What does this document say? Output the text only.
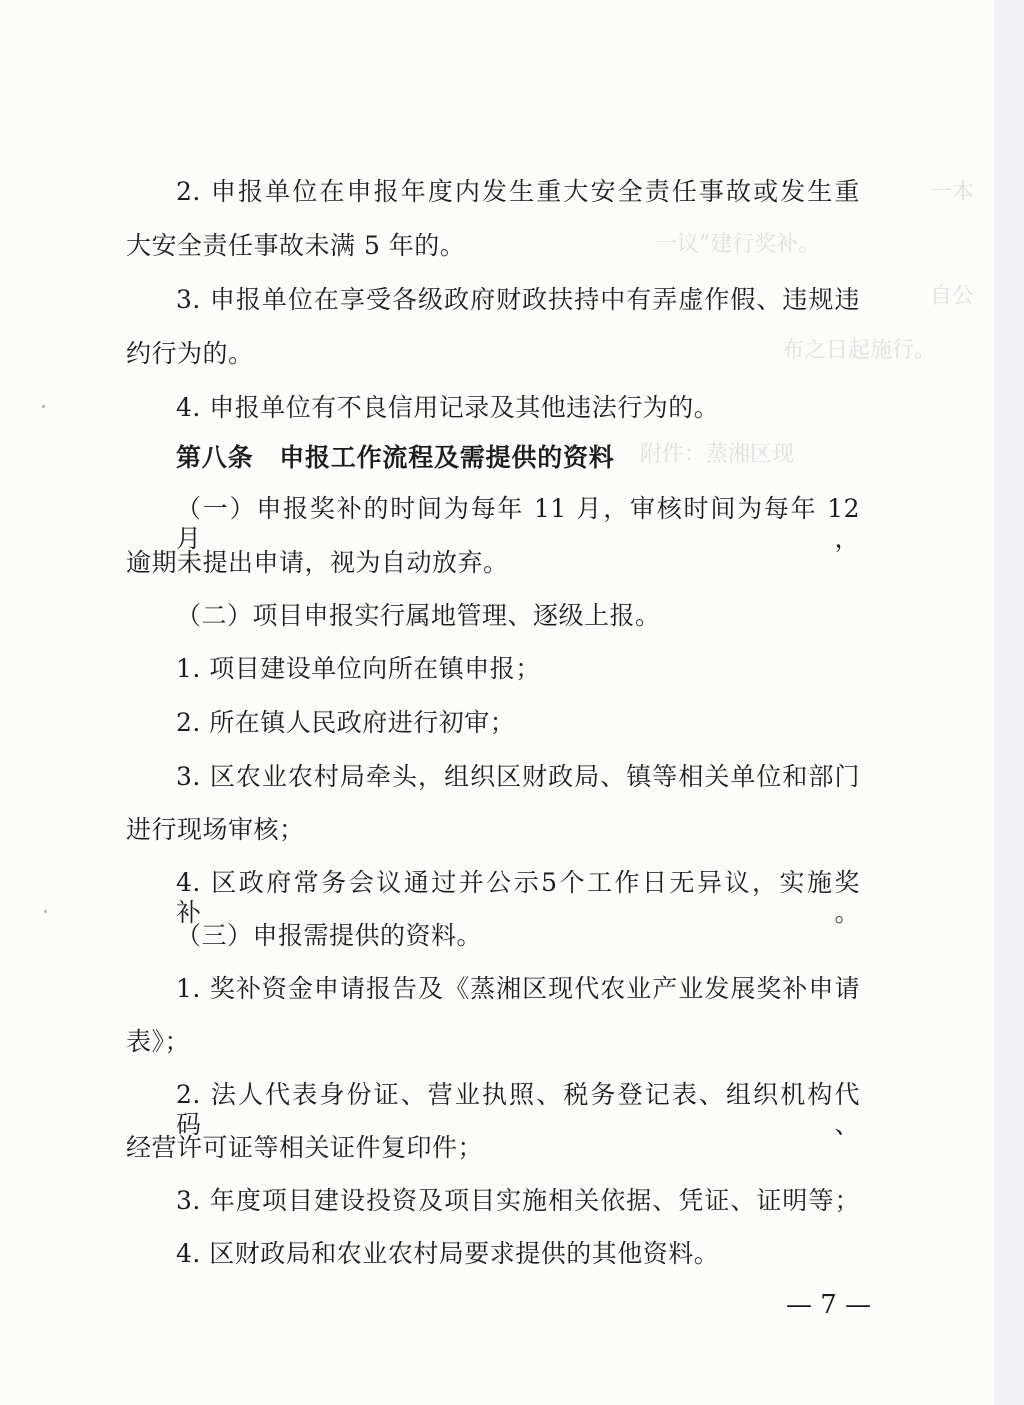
一本
一议”建行奖补。
自公
布之日起施行。
附件：蒸湘区现
2. 申报单位在申报年度内发生重大安全责任事故或发生重
大安全责任事故未满 5 年的。
3. 申报单位在享受各级政府财政扶持中有弄虚作假、违规违
约行为的。
4. 申报单位有不良信用记录及其他违法行为的。
第八条　申报工作流程及需提供的资料
（一）申报奖补的时间为每年 11 月，审核时间为每年 12 月，
逾期未提出申请，视为自动放弃。
（二）项目申报实行属地管理、逐级上报。
1. 项目建设单位向所在镇申报；
2. 所在镇人民政府进行初审；
3. 区农业农村局牵头，组织区财政局、镇等相关单位和部门
进行现场审核；
4. 区政府常务会议通过并公示5个工作日无异议，实施奖补。
（三）申报需提供的资料。
1. 奖补资金申请报告及《蒸湘区现代农业产业发展奖补申请
表》；
2. 法人代表身份证、营业执照、税务登记表、组织机构代码、
经营许可证等相关证件复印件；
3. 年度项目建设投资及项目实施相关依据、凭证、证明等；
4. 区财政局和农业农村局要求提供的其他资料。
— 7 —
